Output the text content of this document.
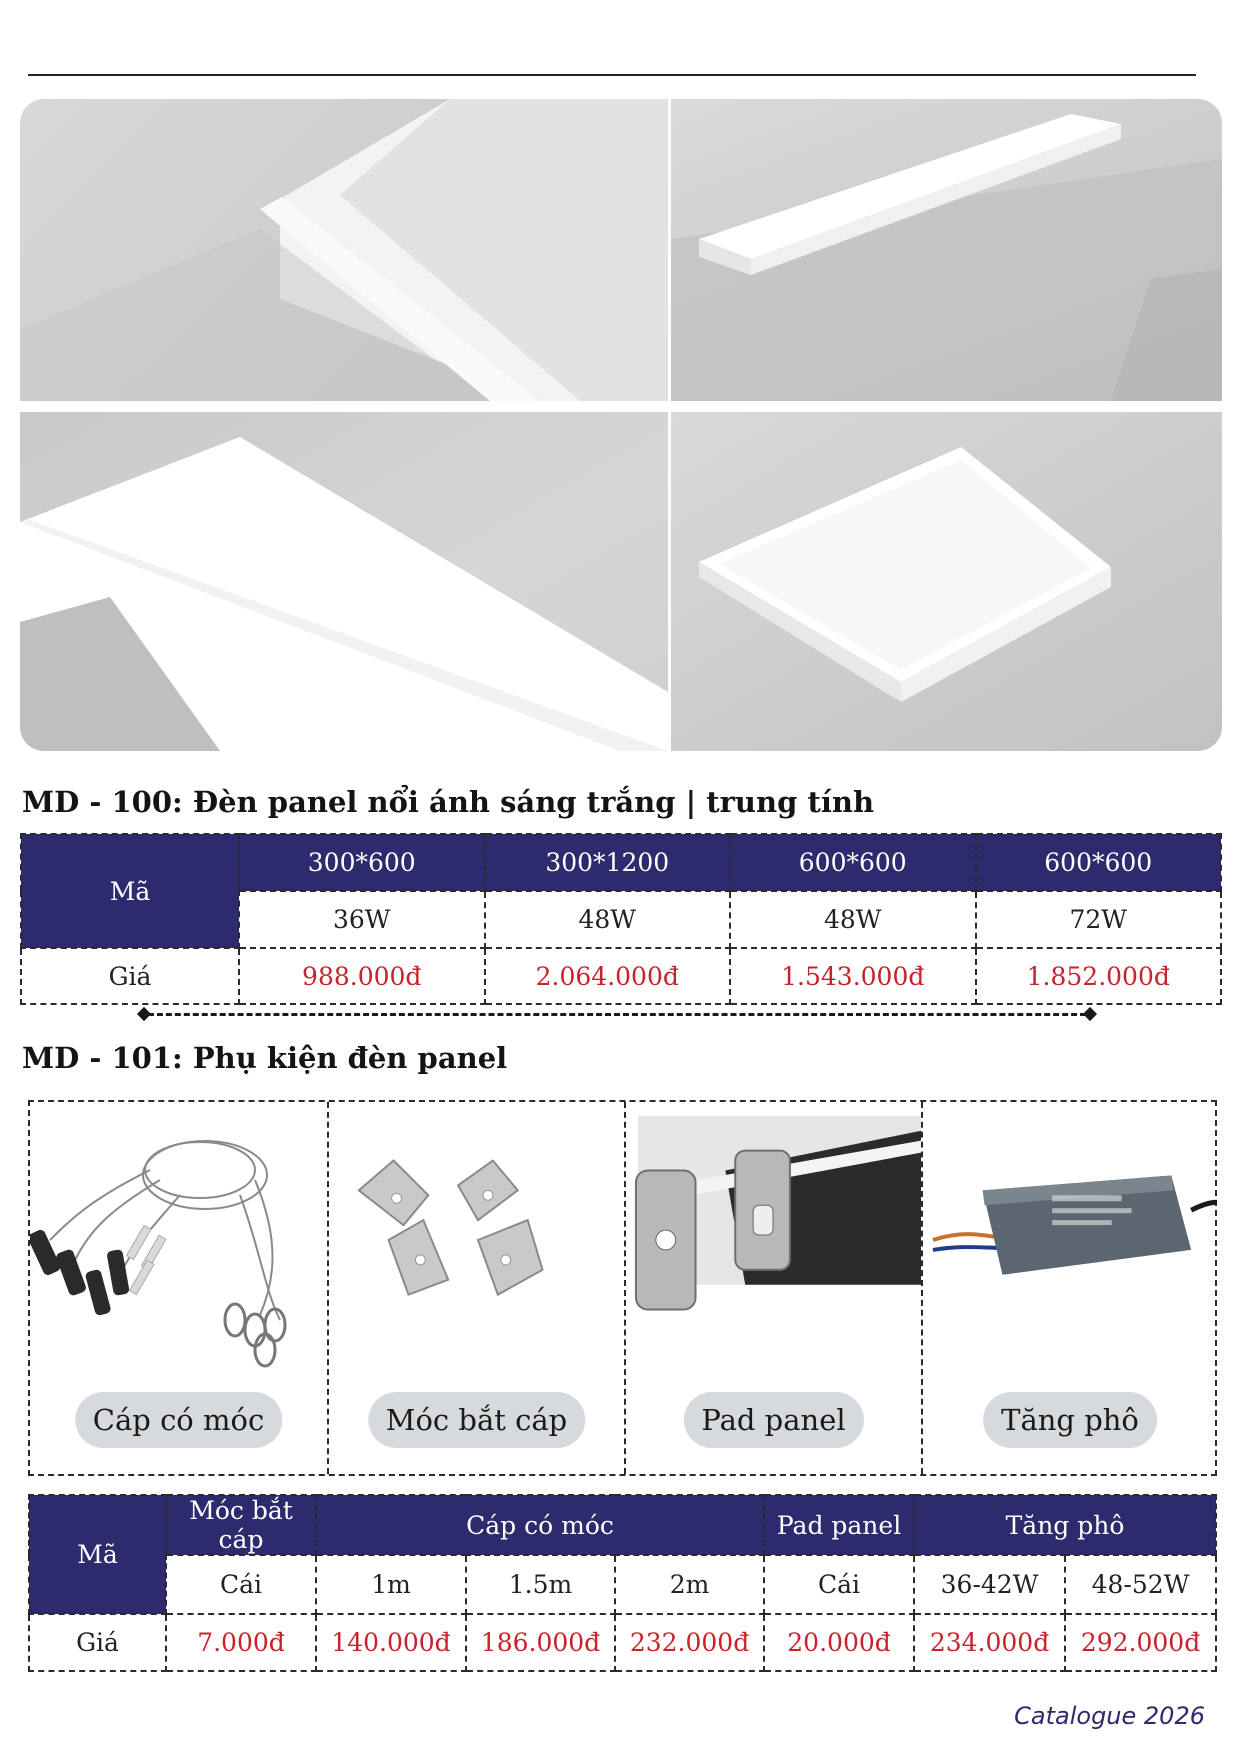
MD - 100: Đèn panel nổi ánh sáng trắng | trung tính
Mã	300*600	300*1200	600*600	600*600
	36W	48W	48W	72W
Giá	988.000đ	2.064.000đ	1.543.000đ	1.852.000đ
MD - 101: Phụ kiện đèn panel
Cáp có móc	Móc bắt cáp	Pad panel	Tăng phô
Mã	Móc bắt cáp	Cáp có móc			Pad panel	Tăng phô	
	Cái	1m	1.5m	2m	Cái	36-42W	48-52W
Giá	7.000đ	140.000đ	186.000đ	232.000đ	20.000đ	234.000đ	292.000đ
Catalogue 2026
